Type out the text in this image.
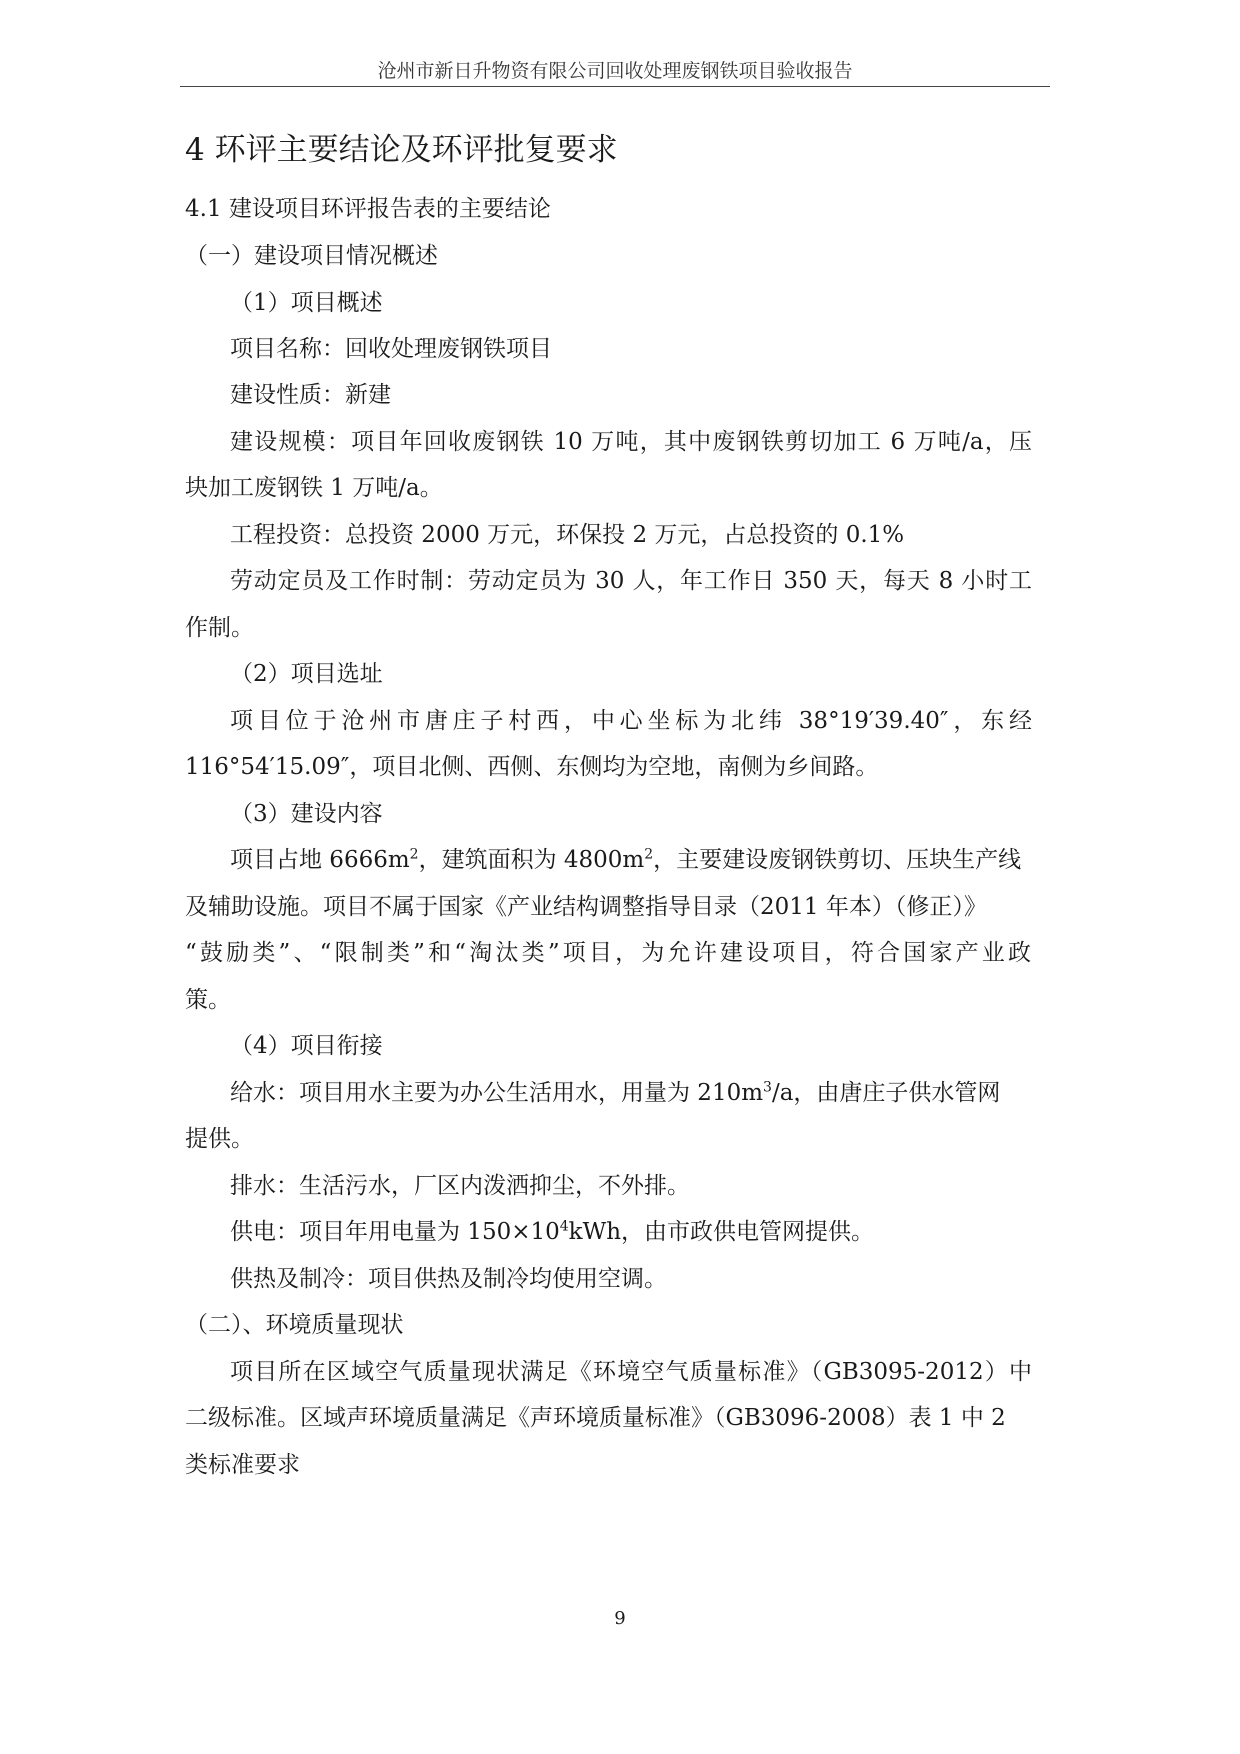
沧州市新日升物资有限公司回收处理废钢铁项目验收报告
4 环评主要结论及环评批复要求
4.1 建设项目环评报告表的主要结论
（一）建设项目情况概述
（1）项目概述
项目名称：回收处理废钢铁项目
建设性质：新建
建设规模：项目年回收废钢铁 10 万吨，其中废钢铁剪切加工 6 万吨/a，压
块加工废钢铁 1 万吨/a。
工程投资：总投资 2000 万元，环保投 2 万元，占总投资的 0.1%
劳动定员及工作时制：劳动定员为 30 人，年工作日 350 天，每天 8 小时工
作制。
（2）项目选址
项目位于沧州市唐庄子村西，中心坐标为北纬 38°19′39.40″，东经
116°54′15.09″，项目北侧、西侧、东侧均为空地，南侧为乡间路。
（3）建设内容
项目占地 $6666m^2$，建筑面积为 $4800m^2$，主要建设废钢铁剪切、压块生产线
及辅助设施。项目不属于国家《产业结构调整指导目录（2011 年本）（修正）》
“鼓励类”、“限制类”和“淘汰类”项目，为允许建设项目，符合国家产业政
策。
（4）项目衔接
给水：项目用水主要为办公生活用水，用量为 $210m^3/a$，由唐庄子供水管网
提供。
排水：生活污水，厂区内泼洒抑尘，不外排。
供电：项目年用电量为 $150\times 10^4kWh$，由市政供电管网提供。
供热及制冷：项目供热及制冷均使用空调。
（二）、环境质量现状
项目所在区域空气质量现状满足《环境空气质量标准》（GB3095-2012）中
二级标准。区域声环境质量满足《声环境质量标准》（GB3096-2008）表 1 中 2
类标准要求
9
